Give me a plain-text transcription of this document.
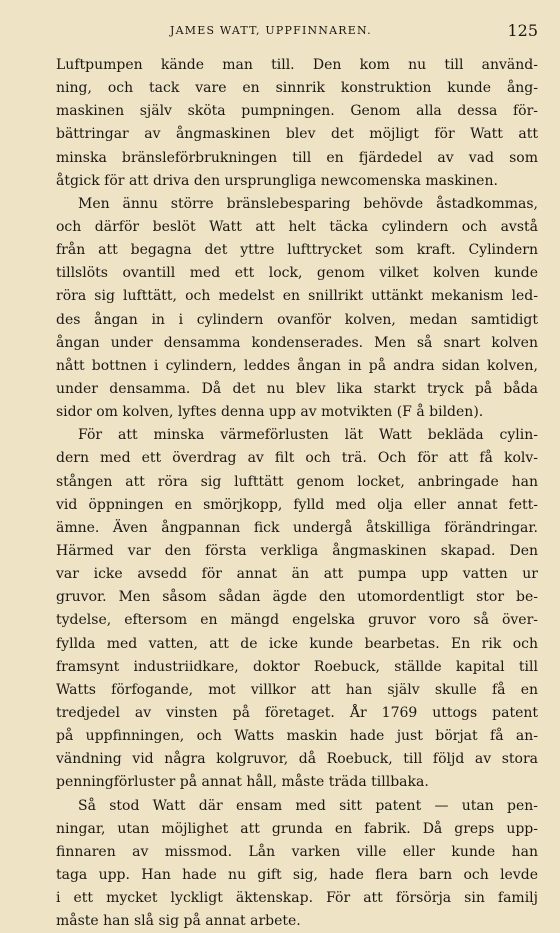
JAMES WATT, UPPFINNAREN.	125
Luftpumpen kände man till. Den kom nu till använd-
ning, och tack vare en sinnrik konstruktion kunde ång-
maskinen själv sköta pumpningen. Genom alla dessa för-
bättringar av ångmaskinen blev det möjligt för Watt att
minska bränsleförbrukningen till en fjärdedel av vad som
åtgick för att driva den ursprungliga newcomenska maskinen.
Men ännu större bränslebesparing behövde åstadkommas,
och därför beslöt Watt att helt täcka cylindern och avstå
från att begagna det yttre lufttrycket som kraft. Cylindern
tillslöts ovantill med ett lock, genom vilket kolven kunde
röra sig lufttätt, och medelst en snillrikt uttänkt mekanism led-
des ångan in i cylindern ovanför kolven, medan samtidigt
ångan under densamma kondenserades. Men så snart kolven
nått bottnen i cylindern, leddes ångan in på andra sidan kolven,
under densamma. Då det nu blev lika starkt tryck på båda
sidor om kolven, lyftes denna upp av motvikten (F å bilden).
För att minska värmeförlusten lät Watt bekläda cylin-
dern med ett överdrag av filt och trä. Och för att få kolv-
stången att röra sig lufttätt genom locket, anbringade han
vid öppningen en smörjkopp, fylld med olja eller annat fett-
ämne. Även ångpannan fick undergå åtskilliga förändringar.
Härmed var den första verkliga ångmaskinen skapad. Den
var icke avsedd för annat än att pumpa upp vatten ur
gruvor. Men såsom sådan ägde den utomordentligt stor be-
tydelse, eftersom en mängd engelska gruvor voro så över-
fyllda med vatten, att de icke kunde bearbetas. En rik och
framsynt industriidkare, doktor Roebuck, ställde kapital till
Watts förfogande, mot villkor att han själv skulle få en
tredjedel av vinsten på företaget. År 1769 uttogs patent
på uppfinningen, och Watts maskin hade just börjat få an-
vändning vid några kolgruvor, då Roebuck, till följd av stora
penningförluster på annat håll, måste träda tillbaka.
Så stod Watt där ensam med sitt patent — utan pen-
ningar, utan möjlighet att grunda en fabrik. Då greps upp-
finnaren av missmod. Lån varken ville eller kunde han
taga upp. Han hade nu gift sig, hade flera barn och levde
i ett mycket lyckligt äktenskap. För att försörja sin familj
måste han slå sig på annat arbete.
